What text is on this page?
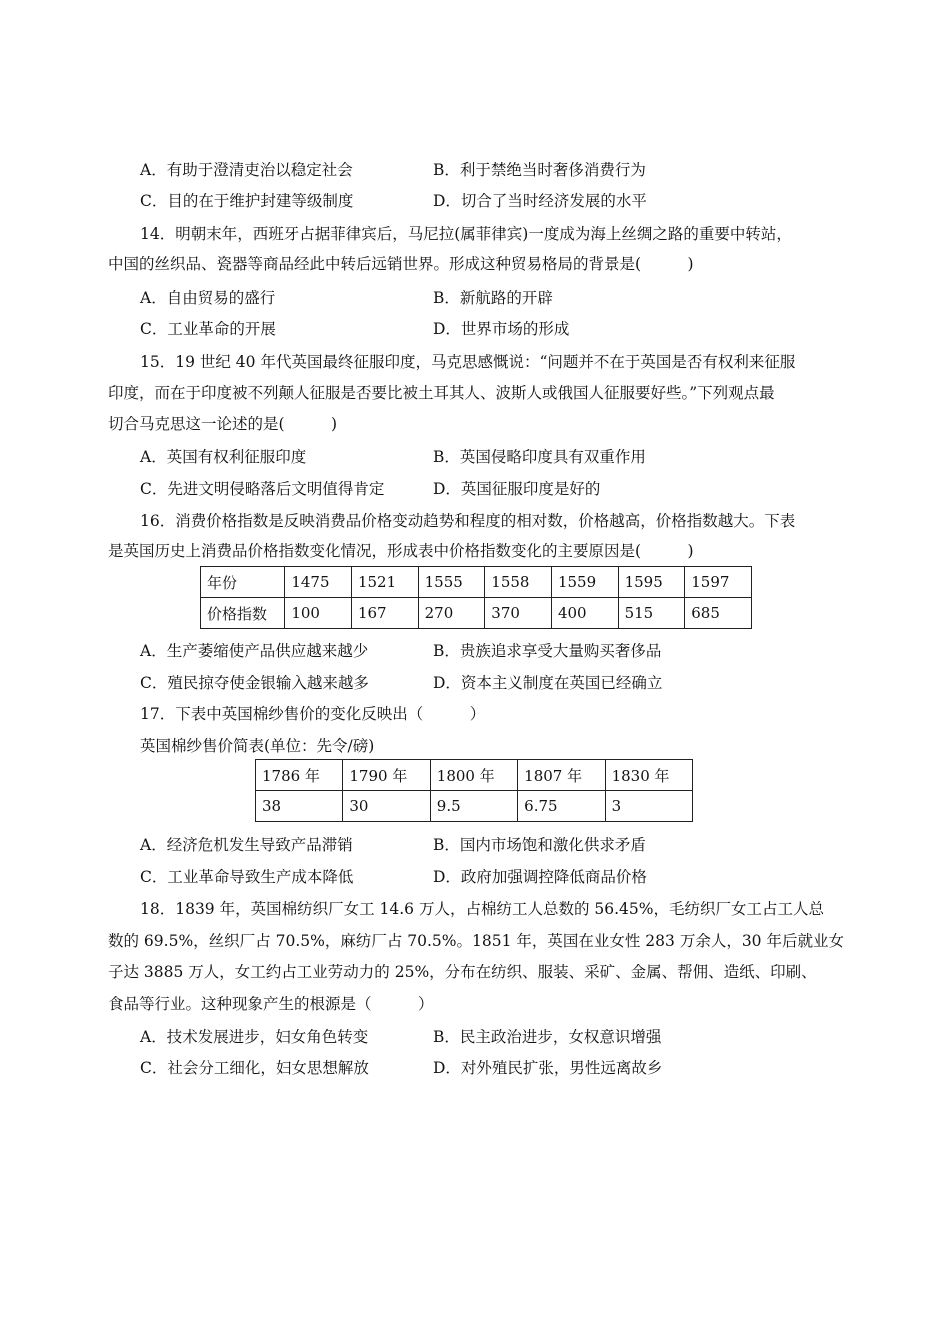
A．有助于澄清吏治以稳定社会	B．利于禁绝当时奢侈消费行为
C．目的在于维护封建等级制度	D．切合了当时经济发展的水平
14．明朝末年，西班牙占据菲律宾后，马尼拉(属菲律宾)一度成为海上丝绸之路的重要中转站，
中国的丝织品、瓷器等商品经此中转后远销世界。形成这种贸易格局的背景是(　　　)
A．自由贸易的盛行	B．新航路的开辟
C．工业革命的开展	D．世界市场的形成
15．19 世纪 40 年代英国最终征服印度，马克思感慨说：“问题并不在于英国是否有权利来征服
印度，而在于印度被不列颠人征服是否要比被土耳其人、波斯人或俄国人征服要好些。”下列观点最
切合马克思这一论述的是(　　　)
A．英国有权利征服印度	B．英国侵略印度具有双重作用
C．先进文明侵略落后文明值得肯定	D．英国征服印度是好的
16．消费价格指数是反映消费品价格变动趋势和程度的相对数，价格越高，价格指数越大。下表
是英国历史上消费品价格指数变化情况，形成表中价格指数变化的主要原因是(　　　)
年份	1475	1521	1555	1558	1559	1595	1597
价格指数	100	167	270	370	400	515	685
A．生产萎缩使产品供应越来越少	B．贵族追求享受大量购买奢侈品
C．殖民掠夺使金银输入越来越多	D．资本主义制度在英国已经确立
17．下表中英国棉纱售价的变化反映出（　　　）
英国棉纱售价简表(单位：先令/磅)
1786 年	1790 年	1800 年	1807 年	1830 年
38	30	9.5	6.75	3
A．经济危机发生导致产品滞销	B．国内市场饱和激化供求矛盾
C．工业革命导致生产成本降低	D．政府加强调控降低商品价格
18．1839 年，英国棉纺织厂女工 14.6 万人，占棉纺工人总数的 56.45%，毛纺织厂女工占工人总
数的 69.5%，丝织厂占 70.5%，麻纺厂占 70.5%。1851 年，英国在业女性 283 万余人，30 年后就业女
子达 3885 万人，女工约占工业劳动力的 25%，分布在纺织、服装、采矿、金属、帮佣、造纸、印刷、
食品等行业。这种现象产生的根源是（　　　）
A．技术发展进步，妇女角色转变	B．民主政治进步，女权意识增强
C．社会分工细化，妇女思想解放	D．对外殖民扩张，男性远离故乡
